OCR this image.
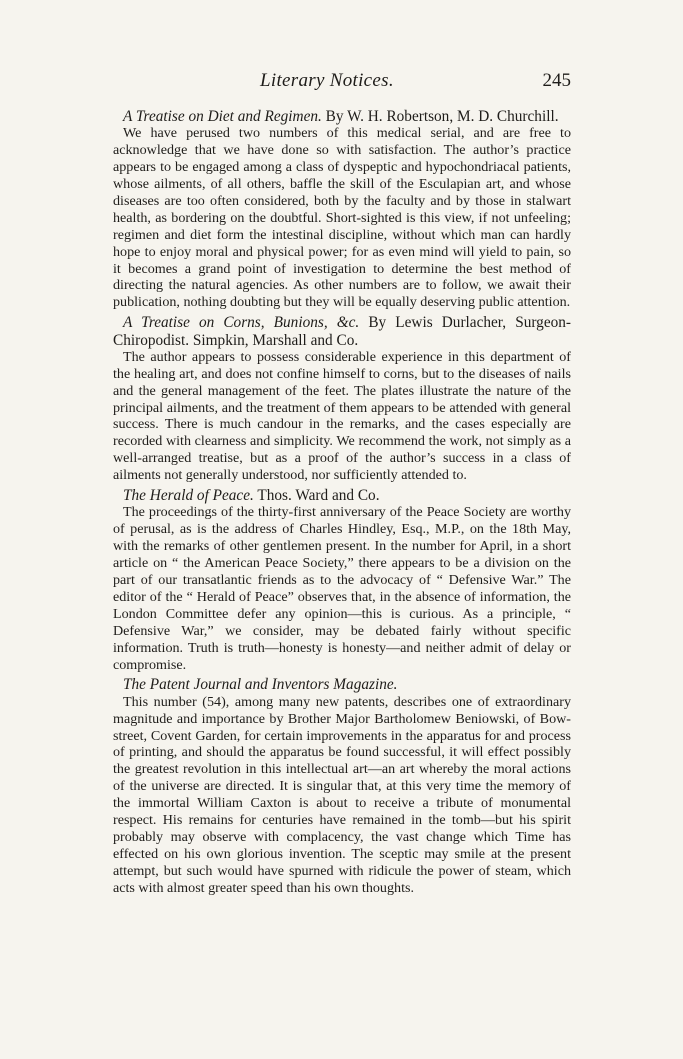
Literary Notices.	245

A Treatise on Diet and Regimen. By W. H. Robertson, M. D. Churchill.

We have perused two numbers of this medical serial, and are free to acknowledge that we have done so with satisfaction. The author’s practice appears to be engaged among a class of dyspeptic and hypochondriacal patients, whose ailments, of all others, baffle the skill of the Esculapian art, and whose diseases are too often considered, both by the faculty and by those in stalwart health, as bordering on the doubtful. Short-sighted is this view, if not unfeeling; regimen and diet form the intestinal discipline, without which man can hardly hope to enjoy moral and physical power; for as even mind will yield to pain, so it becomes a grand point of investigation to determine the best method of directing the natural agencies. As other numbers are to follow, we await their publication, nothing doubting but they will be equally deserving public attention.

A Treatise on Corns, Bunions, &c. By Lewis Durlacher, Surgeon-Chiropodist. Simpkin, Marshall and Co.

The author appears to possess considerable experience in this department of the healing art, and does not confine himself to corns, but to the diseases of nails and the general management of the feet. The plates illustrate the nature of the principal ailments, and the treatment of them appears to be attended with general success. There is much candour in the remarks, and the cases especially are recorded with clearness and simplicity. We recommend the work, not simply as a well-arranged treatise, but as a proof of the author’s success in a class of ailments not generally understood, nor sufficiently attended to.

The Herald of Peace. Thos. Ward and Co.

The proceedings of the thirty-first anniversary of the Peace Society are worthy of perusal, as is the address of Charles Hindley, Esq., M.P., on the 18th May, with the remarks of other gentlemen present. In the number for April, in a short article on “ the American Peace Society,” there appears to be a division on the part of our transatlantic friends as to the advocacy of “ Defensive War.” The editor of the “ Herald of Peace” observes that, in the absence of information, the London Committee defer any opinion—this is curious. As a principle, “ Defensive War,” we consider, may be debated fairly without specific information. Truth is truth—honesty is honesty—and neither admit of delay or compromise.

The Patent Journal and Inventors Magazine.

This number (54), among many new patents, describes one of extraordinary magnitude and importance by Brother Major Bartholomew Beniowski, of Bow-street, Covent Garden, for certain improvements in the apparatus for and process of printing, and should the apparatus be found successful, it will effect possibly the greatest revolution in this intellectual art—an art whereby the moral actions of the universe are directed. It is singular that, at this very time the memory of the immortal William Caxton is about to receive a tribute of monumental respect. His remains for centuries have remained in the tomb—but his spirit probably may observe with complacency, the vast change which Time has effected on his own glorious invention. The sceptic may smile at the present attempt, but such would have spurned with ridicule the power of steam, which acts with almost greater speed than his own thoughts.
